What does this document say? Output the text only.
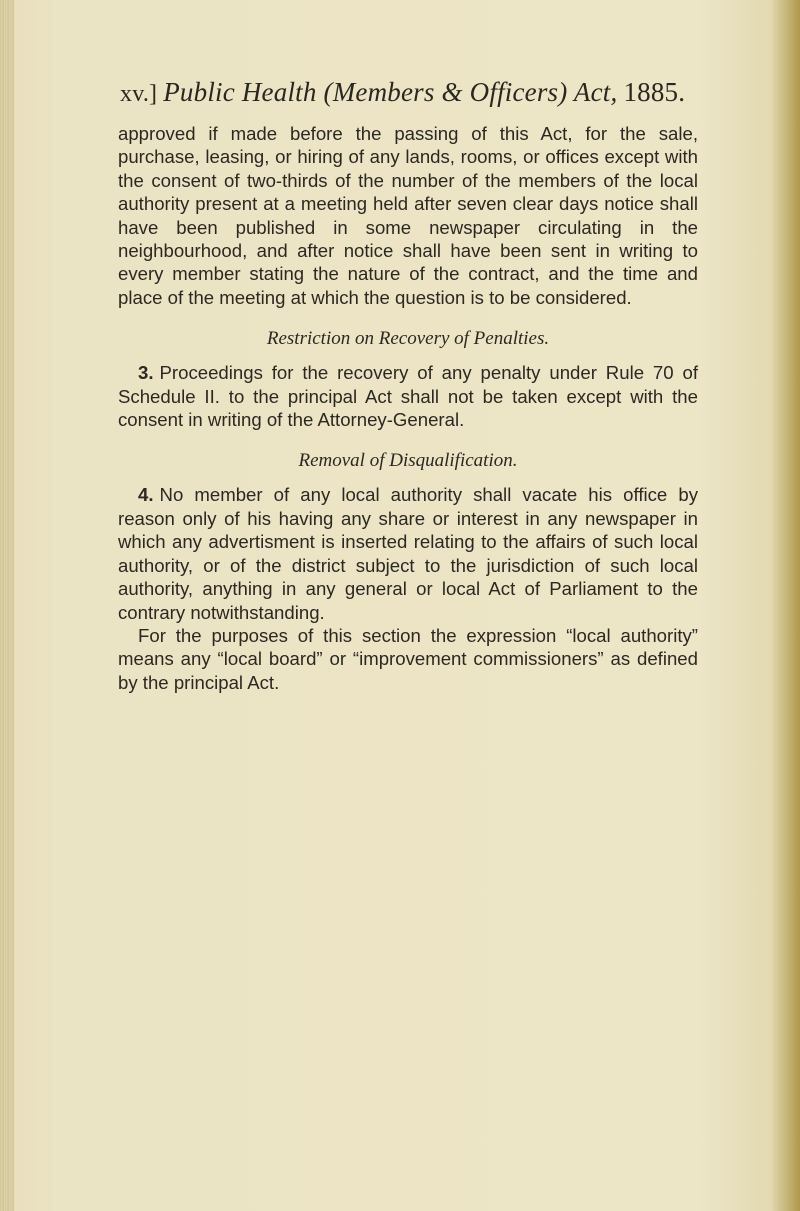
xv.] Public Health (Members & Officers) Act, 1885.

approved if made before the passing of this Act, for the sale, purchase, leasing, or hiring of any lands, rooms, or offices except with the consent of two-thirds of the number of the members of the local authority present at a meeting held after seven clear days notice shall have been published in some newspaper circulating in the neighbourhood, and after notice shall have been sent in writing to every member stating the nature of the contract, and the time and place of the meeting at which the question is to be considered.

Restriction on Recovery of Penalties.

3. Proceedings for the recovery of any penalty under Rule 70 of Schedule II. to the principal Act shall not be taken except with the consent in writing of the Attorney-General.

Removal of Disqualification.

4. No member of any local authority shall vacate his office by reason only of his having any share or interest in any newspaper in which any advertisment is inserted relating to the affairs of such local authority, or of the district subject to the jurisdiction of such local authority, anything in any general or local Act of Parliament to the contrary notwithstanding.

For the purposes of this section the expression “local authority” means any “local board” or “improvement commissioners” as defined by the principal Act.
